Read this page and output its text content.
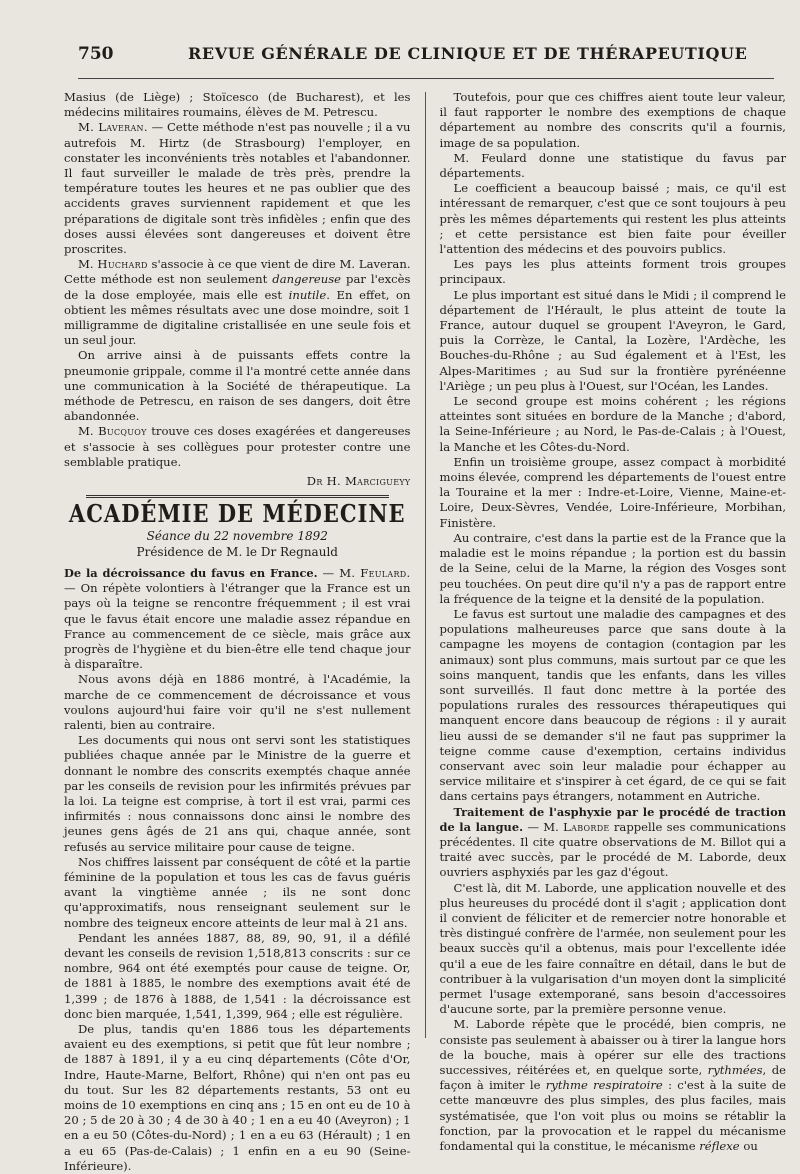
750	REVUE GÉNÉRALE DE CLINIQUE ET DE THÉRAPEUTIQUE

Masius (de Liège) ; Stoïcesco (de Bucharest), et les médecins militaires roumains, élèves de M. Petrescu.

M. Laveran. — Cette méthode n'est pas nouvelle ; il a vu autrefois M. Hirtz (de Strasbourg) l'employer, en constater les inconvénients très notables et l'abandonner. Il faut surveiller le malade de très près, prendre la température toutes les heures et ne pas oublier que des accidents graves surviennent rapidement et que les préparations de digitale sont très infidèles ; enfin que des doses aussi élevées sont dangereuses et doivent être proscrites.

M. Huchard s'associe à ce que vient de dire M. Laveran. Cette méthode est non seulement dangereuse par l'excès de la dose employée, mais elle est inutile. En effet, on obtient les mêmes résultats avec une dose moindre, soit 1 milligramme de digitaline cristallisée en une seule fois et un seul jour.

On arrive ainsi à de puissants effets contre la pneumonie grippale, comme il l'a montré cette année dans une communication à la Société de thérapeutique. La méthode de Petrescu, en raison de ses dangers, doit être abandonnée.

M. Bucquoy trouve ces doses exagérées et dangereuses et s'associe à ses collègues pour protester contre une semblable pratique.

Dr H. Marcigueyy
ACADÉMIE DE MÉDECINE
Séance du 22 novembre 1892
Présidence de M. le Dr Regnauld

De la décroissance du favus en France. — M. Feulard. — On répète volontiers à l'étranger que la France est un pays où la teigne se rencontre fréquemment ; il est vrai que le favus était encore une maladie assez répandue en France au commencement de ce siècle, mais grâce aux progrès de l'hygiène et du bien-être elle tend chaque jour à disparaître.

Nous avons déjà en 1886 montré, à l'Académie, la marche de ce commencement de décroissance et vous voulons aujourd'hui faire voir qu'il ne s'est nullement ralenti, bien au contraire.

Les documents qui nous ont servi sont les statistiques publiées chaque année par le Ministre de la guerre et donnant le nombre des conscrits exemptés chaque année par les conseils de revision pour les infirmités prévues par la loi. La teigne est comprise, à tort il est vrai, parmi ces infirmités : nous connaissons donc ainsi le nombre des jeunes gens âgés de 21 ans qui, chaque année, sont refusés au service militaire pour cause de teigne.

Nos chiffres laissent par conséquent de côté et la partie féminine de la population et tous les cas de favus guéris avant la vingtième année ; ils ne sont donc qu'approximatifs, nous renseignant seulement sur le nombre des teigneux encore atteints de leur mal à 21 ans.

Pendant les années 1887, 88, 89, 90, 91, il a défilé devant les conseils de revision 1,518,813 conscrits : sur ce nombre, 964 ont été exemptés pour cause de teigne. Or, de 1881 à 1885, le nombre des exemptions avait été de 1,399 ; de 1876 à 1888, de 1,541 : la décroissance est donc bien marquée, 1,541, 1,399, 964 ; elle est régulière.

De plus, tandis qu'en 1886 tous les départements avaient eu des exemptions, si petit que fût leur nombre ; de 1887 à 1891, il y a eu cinq départements (Côte d'Or, Indre, Haute-Marne, Belfort, Rhône) qui n'en ont pas eu du tout. Sur les 82 départements restants, 53 ont eu moins de 10 exemptions en cinq ans ; 15 en ont eu de 10 à 20 ; 5 de 20 à 30 ; 4 de 30 à 40 ; 1 en a eu 40 (Aveyron) ; 1 en a eu 50 (Côtes-du-Nord) ; 1 en a eu 63 (Hérault) ; 1 en a eu 65 (Pas-de-Calais) ; 1 enfin en a eu 90 (Seine-Inférieure).

Toutefois, pour que ces chiffres aient toute leur valeur, il faut rapporter le nombre des exemptions de chaque département au nombre des conscrits qu'il a fournis, image de sa population.

M. Feulard donne une statistique du favus par départements.

Le coefficient a beaucoup baissé ; mais, ce qu'il est intéressant de remarquer, c'est que ce sont toujours à peu près les mêmes départements qui restent les plus atteints ; et cette persistance est bien faite pour éveiller l'attention des médecins et des pouvoirs publics.

Les pays les plus atteints forment trois groupes principaux.

Le plus important est situé dans le Midi ; il comprend le département de l'Hérault, le plus atteint de toute la France, autour duquel se groupent l'Aveyron, le Gard, puis la Corrèze, le Cantal, la Lozère, l'Ardèche, les Bouches-du-Rhône ; au Sud également et à l'Est, les Alpes-Maritimes ; au Sud sur la frontière pyrénéenne l'Ariège ; un peu plus à l'Ouest, sur l'Océan, les Landes.

Le second groupe est moins cohérent ; les régions atteintes sont situées en bordure de la Manche ; d'abord, la Seine-Inférieure ; au Nord, le Pas-de-Calais ; à l'Ouest, la Manche et les Côtes-du-Nord.

Enfin un troisième groupe, assez compact à morbidité moins élevée, comprend les départements de l'ouest entre la Touraine et la mer : Indre-et-Loire, Vienne, Maine-et-Loire, Deux-Sèvres, Vendée, Loire-Inférieure, Morbihan, Finistère.

Au contraire, c'est dans la partie est de la France que la maladie est le moins répandue ; la portion est du bassin de la Seine, celui de la Marne, la région des Vosges sont peu touchées. On peut dire qu'il n'y a pas de rapport entre la fréquence de la teigne et la densité de la population.

Le favus est surtout une maladie des campagnes et des populations malheureuses parce que sans doute à la campagne les moyens de contagion (contagion par les animaux) sont plus communs, mais surtout par ce que les soins manquent, tandis que les enfants, dans les villes sont surveillés. Il faut donc mettre à la portée des populations rurales des ressources thérapeutiques qui manquent encore dans beaucoup de régions : il y aurait lieu aussi de se demander s'il ne faut pas supprimer la teigne comme cause d'exemption, certains individus conservant avec soin leur maladie pour échapper au service militaire et s'inspirer à cet égard, de ce qui se fait dans certains pays étrangers, notamment en Autriche.

Traitement de l'asphyxie par le procédé de traction de la langue. — M. Laborde rappelle ses communications précédentes. Il cite quatre observations de M. Billot qui a traité avec succès, par le procédé de M. Laborde, deux ouvriers asphyxiés par les gaz d'égout.

C'est là, dit M. Laborde, une application nouvelle et des plus heureuses du procédé dont il s'agit ; application dont il convient de féliciter et de remercier notre honorable et très distingué confrère de l'armée, non seulement pour les beaux succès qu'il a obtenus, mais pour l'excellente idée qu'il a eue de les faire connaître en détail, dans le but de contribuer à la vulgarisation d'un moyen dont la simplicité permet l'usage extemporané, sans besoin d'accessoires d'aucune sorte, par la première personne venue.

M. Laborde répète que le procédé, bien compris, ne consiste pas seulement à abaisser ou à tirer la langue hors de la bouche, mais à opérer sur elle des tractions successives, réitérées et, en quelque sorte, rythmées, de façon à imiter le rythme respiratoire : c'est à la suite de cette manœuvre des plus simples, des plus faciles, mais systématisée, que l'on voit plus ou moins se rétablir la fonction, par la provocation et le rappel du mécanisme fondamental qui la constitue, le mécanisme réflexe ou
